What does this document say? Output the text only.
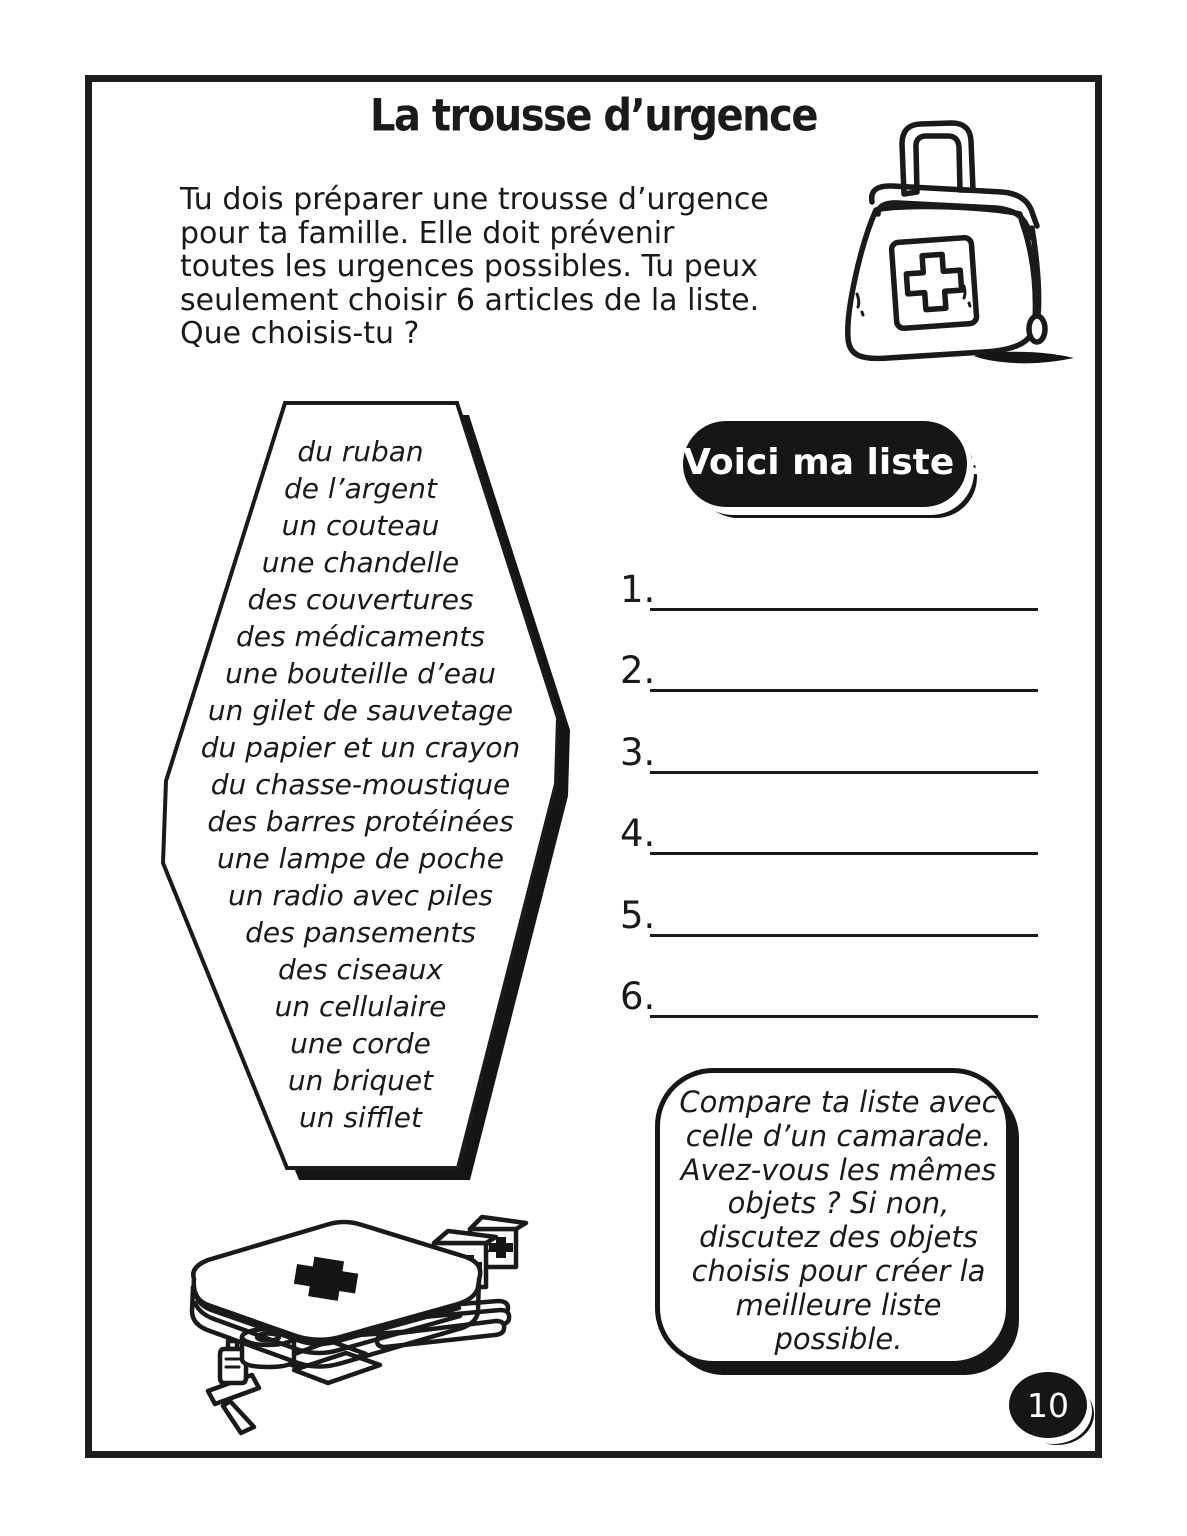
La trousse d’urgence
Tu dois préparer une trousse d’urgence
pour ta famille. Elle doit prévenir
toutes les urgences possibles. Tu peux
seulement choisir 6 articles de la liste.
Que choisis-tu ?
du ruban
de l’argent
un couteau
une chandelle
des couvertures
des médicaments
une bouteille d’eau
un gilet de sauvetage
du papier et un crayon
du chasse-moustique
des barres protéinées
une lampe de poche
un radio avec piles
des pansements
des ciseaux
un cellulaire
une corde
un briquet
un sifflet
Voici ma liste !
1.
2.
3.
4.
5.
6.
Compare ta liste avec
celle d’un camarade.
Avez-vous les mêmes
objets ? Si non,
discutez des objets
choisis pour créer la
meilleure liste
possible.
10
